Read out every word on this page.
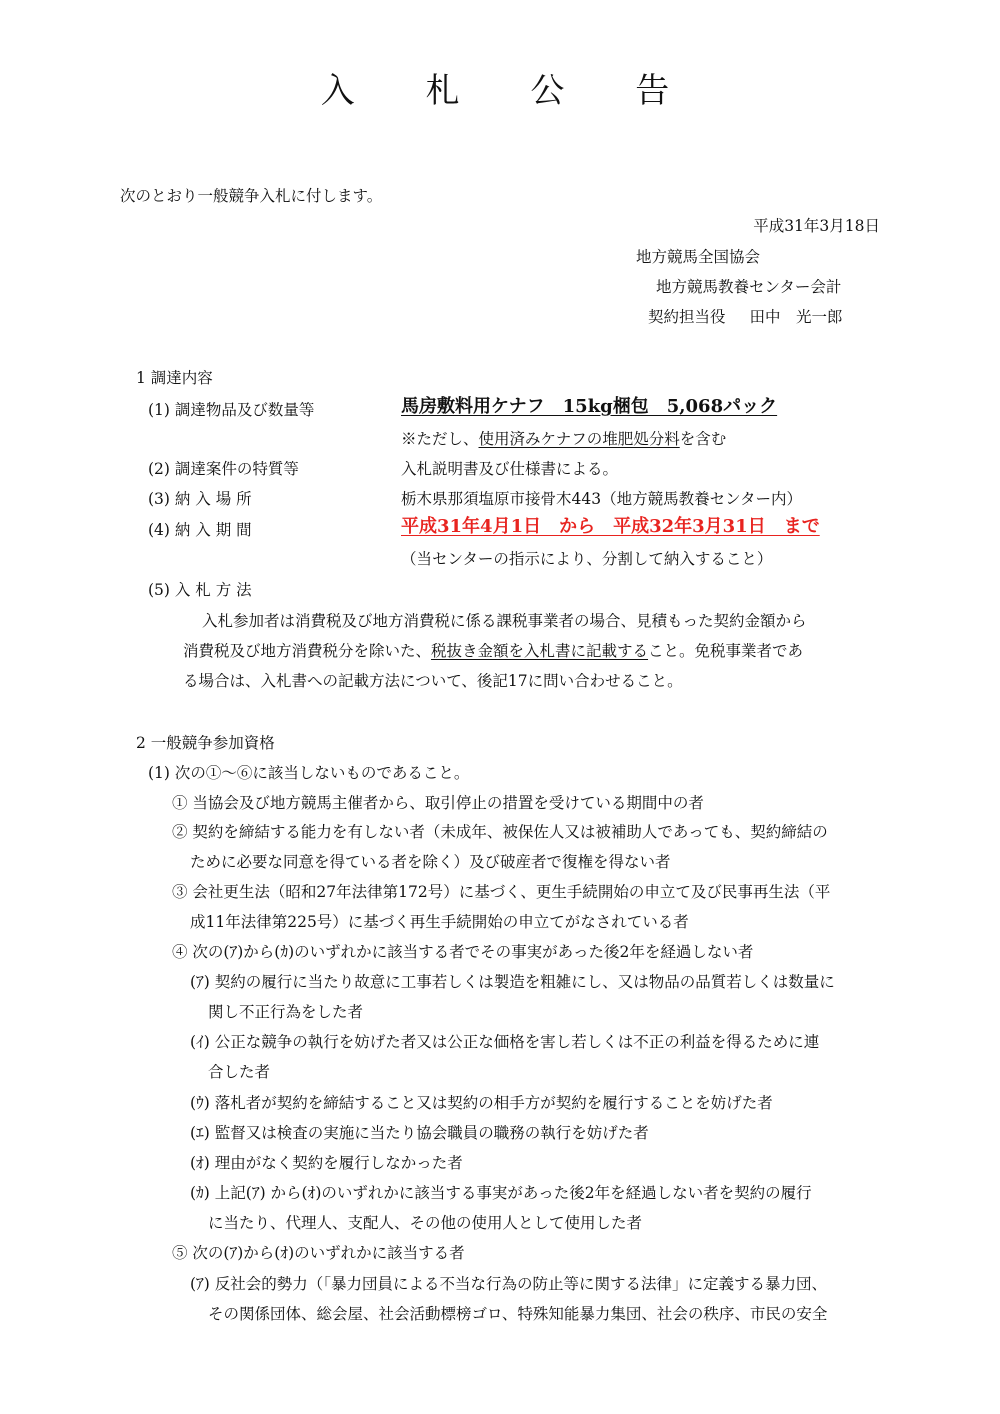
入 札 公 告
次のとおり一般競争入札に付します。
平成31年3月18日
地方競馬全国協会
地方競馬教養センター会計
契約担当役 田中　光一郎
1 調達内容
(1) 調達物品及び数量等	馬房敷料用ケナフ　15kg梱包　5,068パック
※ただし、使用済みケナフの堆肥処分料を含む
(2) 調達案件の特質等	入札説明書及び仕様書による。
(3) 納 入 場 所	栃木県那須塩原市接骨木443（地方競馬教養センター内）
(4) 納 入 期 間	平成31年4月1日　から　平成32年3月31日　まで
（当センターの指示により、分割して納入すること）
(5) 入 札 方 法
入札参加者は消費税及び地方消費税に係る課税事業者の場合、見積もった契約金額から
消費税及び地方消費税分を除いた、税抜き金額を入札書に記載すること。免税事業者であ
る場合は、入札書への記載方法について、後記17に問い合わせること。
2 一般競争参加資格
(1) 次の①～⑥に該当しないものであること。
① 当協会及び地方競馬主催者から、取引停止の措置を受けている期間中の者
② 契約を締結する能力を有しない者（未成年、被保佐人又は被補助人であっても、契約締結の
ために必要な同意を得ている者を除く）及び破産者で復権を得ない者
③ 会社更生法（昭和27年法律第172号）に基づく、更生手続開始の申立て及び民事再生法（平
成11年法律第225号）に基づく再生手続開始の申立てがなされている者
④ 次の(ｱ)から(ｶ)のいずれかに該当する者でその事実があった後2年を経過しない者
(ｱ) 契約の履行に当たり故意に工事若しくは製造を粗雑にし、又は物品の品質若しくは数量に
関し不正行為をした者
(ｲ) 公正な競争の執行を妨げた者又は公正な価格を害し若しくは不正の利益を得るために連
合した者
(ｳ) 落札者が契約を締結すること又は契約の相手方が契約を履行することを妨げた者
(ｴ) 監督又は検査の実施に当たり協会職員の職務の執行を妨げた者
(ｵ) 理由がなく契約を履行しなかった者
(ｶ) 上記(ｱ) から(ｵ)のいずれかに該当する事実があった後2年を経過しない者を契約の履行
に当たり、代理人、支配人、その他の使用人として使用した者
⑤ 次の(ｱ)から(ｵ)のいずれかに該当する者
(ｱ) 反社会的勢力（「暴力団員による不当な行為の防止等に関する法律」に定義する暴力団、
その関係団体、総会屋、社会活動標榜ゴロ、特殊知能暴力集団、社会の秩序、市民の安全
